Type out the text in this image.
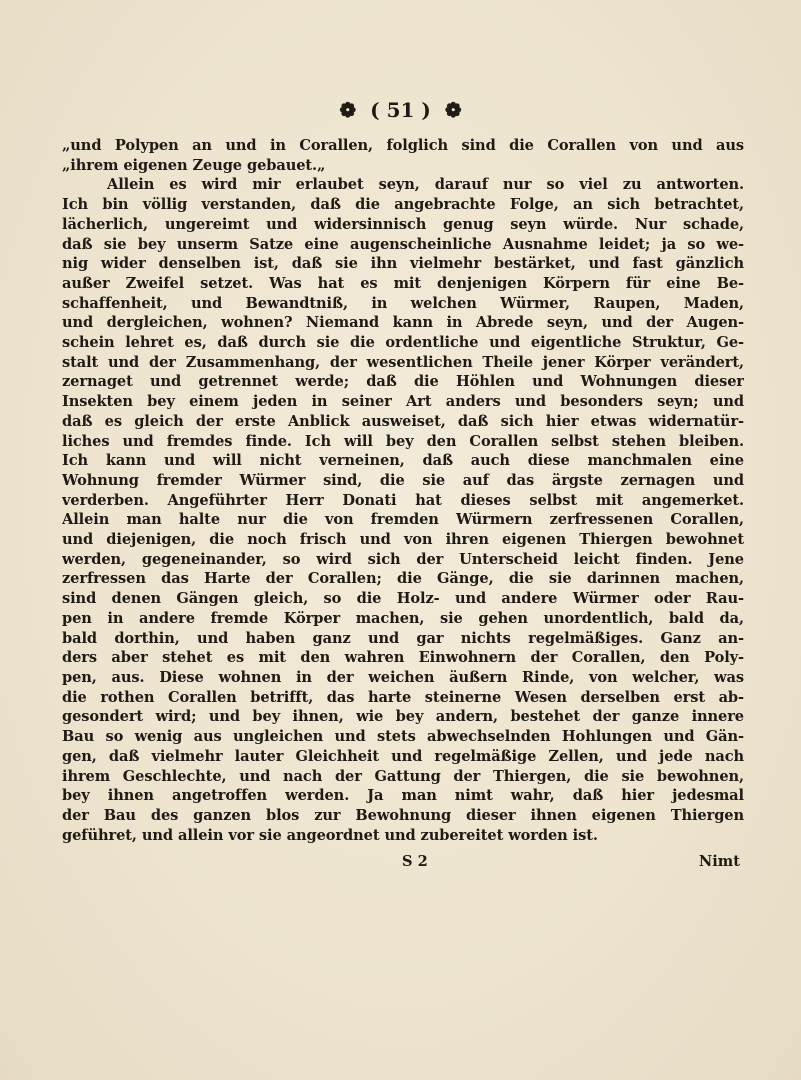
❁ ( 51 ) ❁
„und Polypen an und in Corallen, folglich sind die Corallen von und aus
„ihrem eigenen Zeuge gebauet.„
Allein es wird mir erlaubet seyn, darauf nur so viel zu antworten.
Ich bin völlig verstanden, daß die angebrachte Folge, an sich betrachtet,
lächerlich, ungereimt und widersinnisch genug seyn würde. Nur schade,
daß sie bey unserm Satze eine augenscheinliche Ausnahme leidet; ja so we-
nig wider denselben ist, daß sie ihn vielmehr bestärket, und fast gänzlich
außer Zweifel setzet. Was hat es mit denjenigen Körpern für eine Be-
schaffenheit, und Bewandtniß, in welchen Würmer, Raupen, Maden,
und dergleichen, wohnen? Niemand kann in Abrede seyn, und der Augen-
schein lehret es, daß durch sie die ordentliche und eigentliche Struktur, Ge-
stalt und der Zusammenhang, der wesentlichen Theile jener Körper verändert,
zernaget und getrennet werde; daß die Höhlen und Wohnungen dieser
Insekten bey einem jeden in seiner Art anders und besonders seyn; und
daß es gleich der erste Anblick ausweiset, daß sich hier etwas widernatür-
liches und fremdes finde. Ich will bey den Corallen selbst stehen bleiben.
Ich kann und will nicht verneinen, daß auch diese manchmalen eine
Wohnung fremder Würmer sind, die sie auf das ärgste zernagen und
verderben. Angeführter Herr Donati hat dieses selbst mit angemerket.
Allein man halte nur die von fremden Würmern zerfressenen Corallen,
und diejenigen, die noch frisch und von ihren eigenen Thiergen bewohnet
werden, gegeneinander, so wird sich der Unterscheid leicht finden. Jene
zerfressen das Harte der Corallen; die Gänge, die sie darinnen machen,
sind denen Gängen gleich, so die Holz- und andere Würmer oder Rau-
pen in andere fremde Körper machen, sie gehen unordentlich, bald da,
bald dorthin, und haben ganz und gar nichts regelmäßiges. Ganz an-
ders aber stehet es mit den wahren Einwohnern der Corallen, den Poly-
pen, aus. Diese wohnen in der weichen äußern Rinde, von welcher, was
die rothen Corallen betrifft, das harte steinerne Wesen derselben erst ab-
gesondert wird; und bey ihnen, wie bey andern, bestehet der ganze innere
Bau so wenig aus ungleichen und stets abwechselnden Hohlungen und Gän-
gen, daß vielmehr lauter Gleichheit und regelmäßige Zellen, und jede nach
ihrem Geschlechte, und nach der Gattung der Thiergen, die sie bewohnen,
bey ihnen angetroffen werden. Ja man nimt wahr, daß hier jedesmal
der Bau des ganzen blos zur Bewohnung dieser ihnen eigenen Thiergen
geführet, und allein vor sie angeordnet und zubereitet worden ist.
S 2	Nimt
